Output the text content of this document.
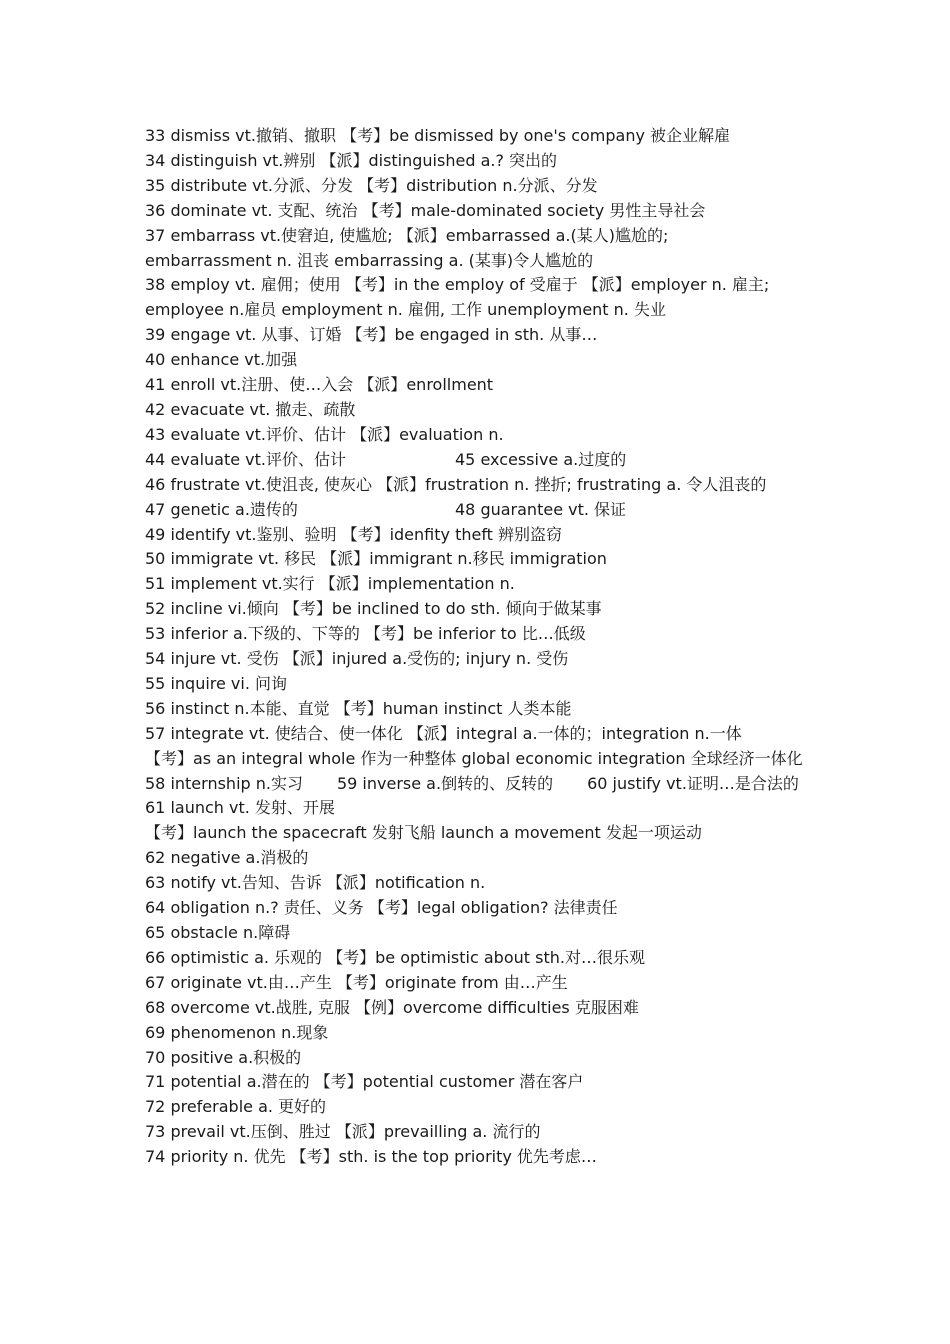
33 dismiss vt.撤销、撤职 【考】be dismissed by one's company 被企业解雇
34 distinguish vt.辨别 【派】distinguished a.? 突出的
35 distribute vt.分派、分发 【考】distribution n.分派、分发
36 dominate vt. 支配、统治 【考】male-dominated society 男性主导社会
37 embarrass vt.使窘迫, 使尴尬; 【派】embarrassed a.(某人)尴尬的;
embarrassment n. 沮丧 embarrassing a. (某事)令人尴尬的
38 employ vt. 雇佣；使用 【考】in the employ of 受雇于 【派】employer n. 雇主;
employee n.雇员 employment n. 雇佣, 工作 unemployment n. 失业
39 engage vt. 从事、订婚 【考】be engaged in sth. 从事…
40 enhance vt.加强
41 enroll vt.注册、使…入会 【派】enrollment
42 evacuate vt. 撤走、疏散
43 evaluate vt.评价、估计 【派】evaluation n.
44 evaluate vt.评价、估计	45 excessive a.过度的
46 frustrate vt.使沮丧, 使灰心 【派】frustration n. 挫折; frustrating a. 令人沮丧的
47 genetic a.遗传的	48 guarantee vt. 保证
49 identify vt.鉴别、验明 【考】idenfity theft 辨别盗窃
50 immigrate vt. 移民 【派】immigrant n.移民 immigration
51 implement vt.实行 【派】implementation n.
52 incline vi.倾向 【考】be inclined to do sth. 倾向于做某事
53 inferior a.下级的、下等的 【考】be inferior to 比…低级
54 injure vt. 受伤 【派】injured a.受伤的; injury n. 受伤
55 inquire vi. 问询
56 instinct n.本能、直觉 【考】human instinct 人类本能
57 integrate vt. 使结合、使一体化 【派】integral a.一体的；integration n.一体
【考】as an integral whole 作为一种整体 global economic integration 全球经济一体化
58 internship n.实习 59 inverse a.倒转的、反转的 60 justify vt.证明…是合法的
61 launch vt. 发射、开展
【考】launch the spacecraft 发射飞船 launch a movement 发起一项运动
62 negative a.消极的
63 notify vt.告知、告诉 【派】notification n.
64 obligation n.? 责任、义务 【考】legal obligation? 法律责任
65 obstacle n.障碍
66 optimistic a. 乐观的 【考】be optimistic about sth.对…很乐观
67 originate vt.由…产生 【考】originate from 由…产生
68 overcome vt.战胜, 克服 【例】overcome difficulties 克服困难
69 phenomenon n.现象
70 positive a.积极的
71 potential a.潜在的 【考】potential customer 潜在客户
72 preferable a. 更好的
73 prevail vt.压倒、胜过 【派】prevailling a. 流行的
74 priority n. 优先 【考】sth. is the top priority 优先考虑…
